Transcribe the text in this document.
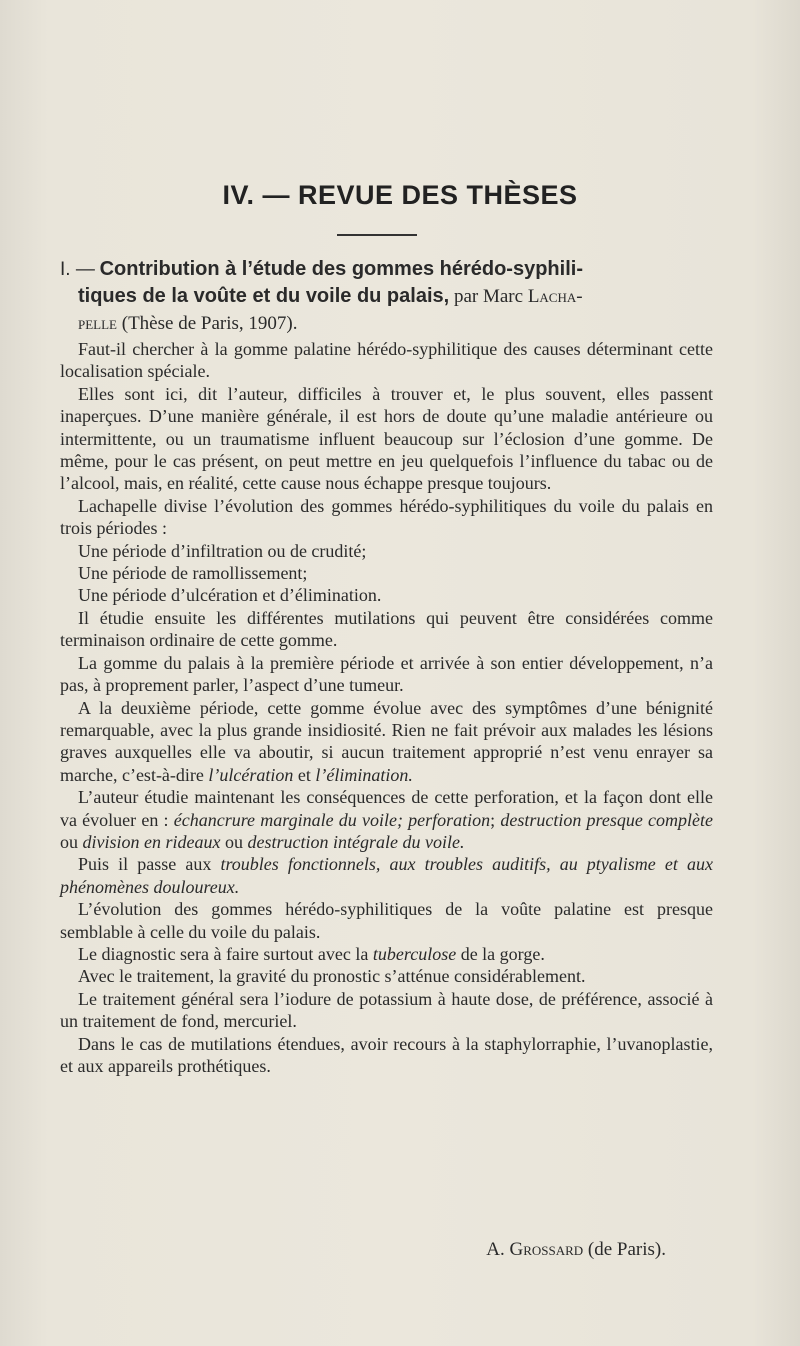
IV. — REVUE DES THÈSES
I. — Contribution à l’étude des gommes hérédo-syphili-
tiques de la voûte et du voile du palais, par Marc Lacha-
pelle (Thèse de Paris, 1907).

Faut-il chercher à la gomme palatine hérédo-syphilitique des causes déterminant cette localisation spéciale.

Elles sont ici, dit l’auteur, difficiles à trouver et, le plus souvent, elles passent inaperçues. D’une manière générale, il est hors de doute qu’une maladie antérieure ou intermittente, ou un traumatisme influent beaucoup sur l’éclosion d’une gomme. De même, pour le cas présent, on peut mettre en jeu quelquefois l’influence du tabac ou de l’alcool, mais, en réalité, cette cause nous échappe presque toujours.

Lachapelle divise l’évolution des gommes hérédo-syphilitiques du voile du palais en trois périodes :

Une période d’infiltration ou de crudité;

Une période de ramollissement;

Une période d’ulcération et d’élimination.

Il étudie ensuite les différentes mutilations qui peuvent être considérées comme terminaison ordinaire de cette gomme.

La gomme du palais à la première période et arrivée à son entier développement, n’a pas, à proprement parler, l’aspect d’une tumeur.

A la deuxième période, cette gomme évolue avec des symptômes d’une bénignité remarquable, avec la plus grande insidiosité. Rien ne fait prévoir aux malades les lésions graves auxquelles elle va aboutir, si aucun traitement approprié n’est venu enrayer sa marche, c’est-à-dire l’ulcération et l’élimination.

L’auteur étudie maintenant les conséquences de cette perforation, et la façon dont elle va évoluer en : échancrure marginale du voile; perforation; destruction presque complète ou division en rideaux ou destruction intégrale du voile.

Puis il passe aux troubles fonctionnels, aux troubles auditifs, au ptyalisme et aux phénomènes douloureux.

L’évolution des gommes hérédo-syphilitiques de la voûte palatine est presque semblable à celle du voile du palais.

Le diagnostic sera à faire surtout avec la tuberculose de la gorge.

Avec le traitement, la gravité du pronostic s’atténue considérablement.

Le traitement général sera l’iodure de potassium à haute dose, de préférence, associé à un traitement de fond, mercuriel.

Dans le cas de mutilations étendues, avoir recours à la staphylorraphie, l’uvanoplastie, et aux appareils prothétiques.

A. Grossard (de Paris).
